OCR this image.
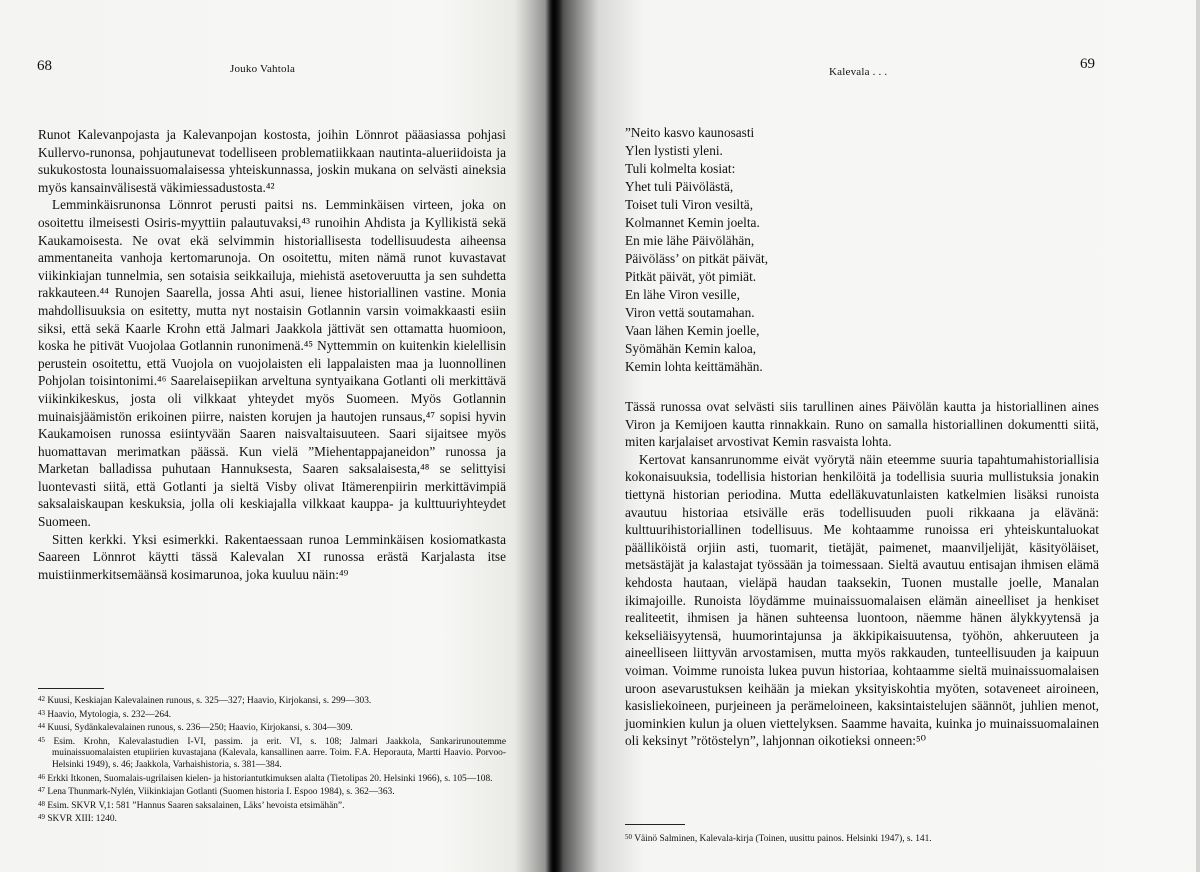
68	Jouko Vahtola

Runot Kalevanpojasta ja Kalevanpojan kostosta, joihin Lönnrot pääasiassa pohjasi Kullervo-runonsa, pohjautunevat todelliseen problematiikkaan nautinta-alueriidoista ja sukukostosta lounaissuomalaisessa yhteiskunnassa, joskin mukana on selvästi aineksia myös kansainvälisestä väkimiessadustosta.⁴²

Lemminkäisrunonsa Lönnrot perusti paitsi ns. Lemminkäisen virteen, joka on osoitettu ilmeisesti Osiris-myyttiin palautuvaksi,⁴³ runoihin Ahdista ja Kyllikistä sekä Kaukamoisesta. Ne ovat ekä selvimmin historiallisesta todellisuudesta aiheensa ammentaneita vanhoja kertomarunoja. On osoitettu, miten nämä runot kuvastavat viikinkiajan tunnelmia, sen sotaisia seikkailuja, miehistä asetoveruutta ja sen suhdetta rakkauteen.⁴⁴ Runojen Saarella, jossa Ahti asui, lienee historiallinen vastine. Monia mahdollisuuksia on esitetty, mutta nyt nostaisin Gotlannin varsin voimakkaasti esiin siksi, että sekä Kaarle Krohn että Jalmari Jaakkola jättivät sen ottamatta huomioon, koska he pitivät Vuojolaa Gotlannin runonimenä.⁴⁵ Nyttemmin on kuitenkin kielellisin perustein osoitettu, että Vuojola on vuojolaisten eli lappalaisten maa ja luonnollinen Pohjolan toisintonimi.⁴⁶ Saarelaisepiikan arveltuna syntyaikana Gotlanti oli merkittävä viikinkikeskus, josta oli vilkkaat yhteydet myös Suomeen. Myös Gotlannin muinaisjäämistön erikoinen piirre, naisten korujen ja hautojen runsaus,⁴⁷ sopisi hyvin Kaukamoisen runossa esiintyvään Saaren naisvaltaisuuteen. Saari sijaitsee myös huomattavan merimatkan päässä. Kun vielä ”Miehentappajaneidon” runossa ja Marketan balladissa puhutaan Hannuksesta, Saaren saksalaisesta,⁴⁸ se selittyisi luontevasti siitä, että Gotlanti ja sieltä Visby olivat Itämerenpiirin merkittävimpiä saksalaiskaupan keskuksia, jolla oli keskiajalla vilkkaat kauppa- ja kulttuuriyhteydet Suomeen.

Sitten kerkki. Yksi esimerkki. Rakentaessaan runoa Lemminkäisen kosiomatkasta Saareen Lönnrot käytti tässä Kalevalan XI runossa erästä Karjalasta itse muistiinmerkitsemäänsä kosimarunoa, joka kuuluu näin:⁴⁹

$^{42}$ Kuusi, Keskiajan Kalevalainen runous, s. 325—327; Haavio, Kirjokansi, s. 299—303.
$^{43}$ Haavio, Mytologia, s. 232—264.
$^{44}$ Kuusi, Sydänkalevalainen runous, s. 236—250; Haavio, Kirjokansi, s. 304—309.
$^{45}$ Esim. Krohn, Kalevalastudien I-VI, passim. ja erit. VI, s. 108; Jalmari Jaakkola, Sankarirunoutemme muinaissuomalaisten etupiirien kuvastajana (Kalevala, kansallinen aarre. Toim. F.A. Heporauta, Martti Haavio. Porvoo-Helsinki 1949), s. 46; Jaakkola, Varhaishistoria, s. 381—384.
$^{46}$ Erkki Itkonen, Suomalais-ugrilaisen kielen- ja historiantutkimuksen alalta (Tietolipas 20. Helsinki 1966), s. 105—108.
$^{47}$ Lena Thunmark-Nylén, Viikinkiajan Gotlanti (Suomen historia I. Espoo 1984), s. 362—363.
$^{48}$ Esim. SKVR V,1: 581 ”Hannus Saaren saksalainen, Läks’ hevoista etsimähän”.
$^{49}$ SKVR XIII: 1240.
Kalevala . . .	69
”Neito kasvo kaunosasti
Ylen lystisti yleni.
Tuli kolmelta kosiat:
Yhet tuli Päivölästä,
Toiset tuli Viron vesiltä,
Kolmannet Kemin joelta.
En mie lähe Päivölähän,
Päivöläss’ on pitkät päivät,
Pitkät päivät, yöt pimiät.
En lähe Viron vesille,
Viron vettä soutamahan.
Vaan lähen Kemin joelle,
Syömähän Kemin kaloa,
Kemin lohta keittämähän.

Tässä runossa ovat selvästi siis tarullinen aines Päivölän kautta ja historiallinen aines Viron ja Kemijoen kautta rinnakkain. Runo on samalla historiallinen dokumentti siitä, miten karjalaiset arvostivat Kemin rasvaista lohta.

Kertovat kansanrunomme eivät vyörytä näin eteemme suuria tapahtumahistoriallisia kokonaisuuksia, todellisia historian henkilöitä ja todellisia suuria mullistuksia jonakin tiettynä historian periodina. Mutta edelläkuvatunlaisten katkelmien lisäksi runoista avautuu historiaa etsivälle eräs todellisuuden puoli rikkaana ja elävänä: kulttuurihistoriallinen todellisuus. Me kohtaamme runoissa eri yhteiskuntaluokat päälliköistä orjiin asti, tuomarit, tietäjät, paimenet, maanviljelijät, käsityöläiset, metsästäjät ja kalastajat työssään ja toimessaan. Sieltä avautuu entisajan ihmisen elämä kehdosta hautaan, vieläpä haudan taaksekin, Tuonen mustalle joelle, Manalan ikimajoille. Runoista löydämme muinaissuomalaisen elämän aineelliset ja henkiset realiteetit, ihmisen ja hänen suhteensa luontoon, näemme hänen älykkyytensä ja kekseliäisyytensä, huumorintajunsa ja äkkipikaisuutensa, työhön, ahkeruuteen ja aineelliseen liittyvän arvostamisen, mutta myös rakkauden, tunteellisuuden ja kaipuun voiman. Voimme runoista lukea puvun historiaa, kohtaamme sieltä muinaissuomalaisen uroon asevarustuksen keihään ja miekan yksityiskohtia myöten, sotaveneet airoineen, kasisliekoineen, purjeineen ja perämeloineen, kaksintaistelujen säännöt, juhlien menot, juominkien kulun ja oluen viettelyksen. Saamme havaita, kuinka jo muinaissuomalainen oli keksinyt ”rötöstelyn”, lahjonnan oikotieksi onneen:⁵⁰

$^{50}$ Väinö Salminen, Kalevala-kirja (Toinen, uusittu painos. Helsinki 1947), s. 141.
